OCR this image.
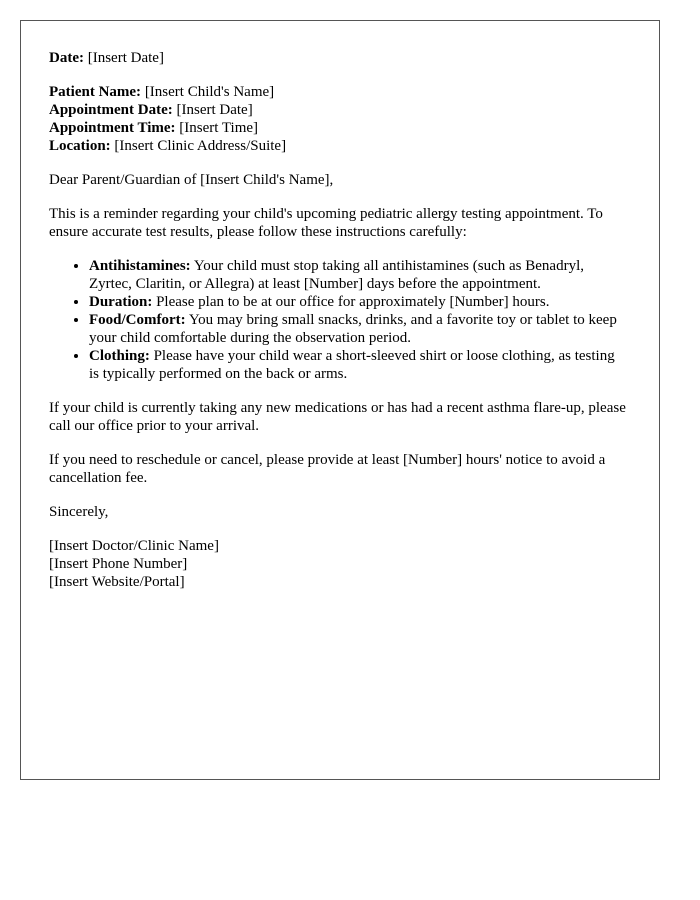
Date: [Insert Date]

Patient Name: [Insert Child's Name]
Appointment Date: [Insert Date]
Appointment Time: [Insert Time]
Location: [Insert Clinic Address/Suite]

Dear Parent/Guardian of [Insert Child's Name],

This is a reminder regarding your child's upcoming pediatric allergy testing appointment. To ensure accurate test results, please follow these instructions carefully:

• Antihistamines: Your child must stop taking all antihistamines (such as Benadryl, Zyrtec, Claritin, or Allegra) at least [Number] days before the appointment.
• Duration: Please plan to be at our office for approximately [Number] hours.
• Food/Comfort: You may bring small snacks, drinks, and a favorite toy or tablet to keep your child comfortable during the observation period.
• Clothing: Please have your child wear a short-sleeved shirt or loose clothing, as testing is typically performed on the back or arms.

If your child is currently taking any new medications or has had a recent asthma flare-up, please call our office prior to your arrival.

If you need to reschedule or cancel, please provide at least [Number] hours' notice to avoid a cancellation fee.

Sincerely,

[Insert Doctor/Clinic Name]
[Insert Phone Number]
[Insert Website/Portal]
